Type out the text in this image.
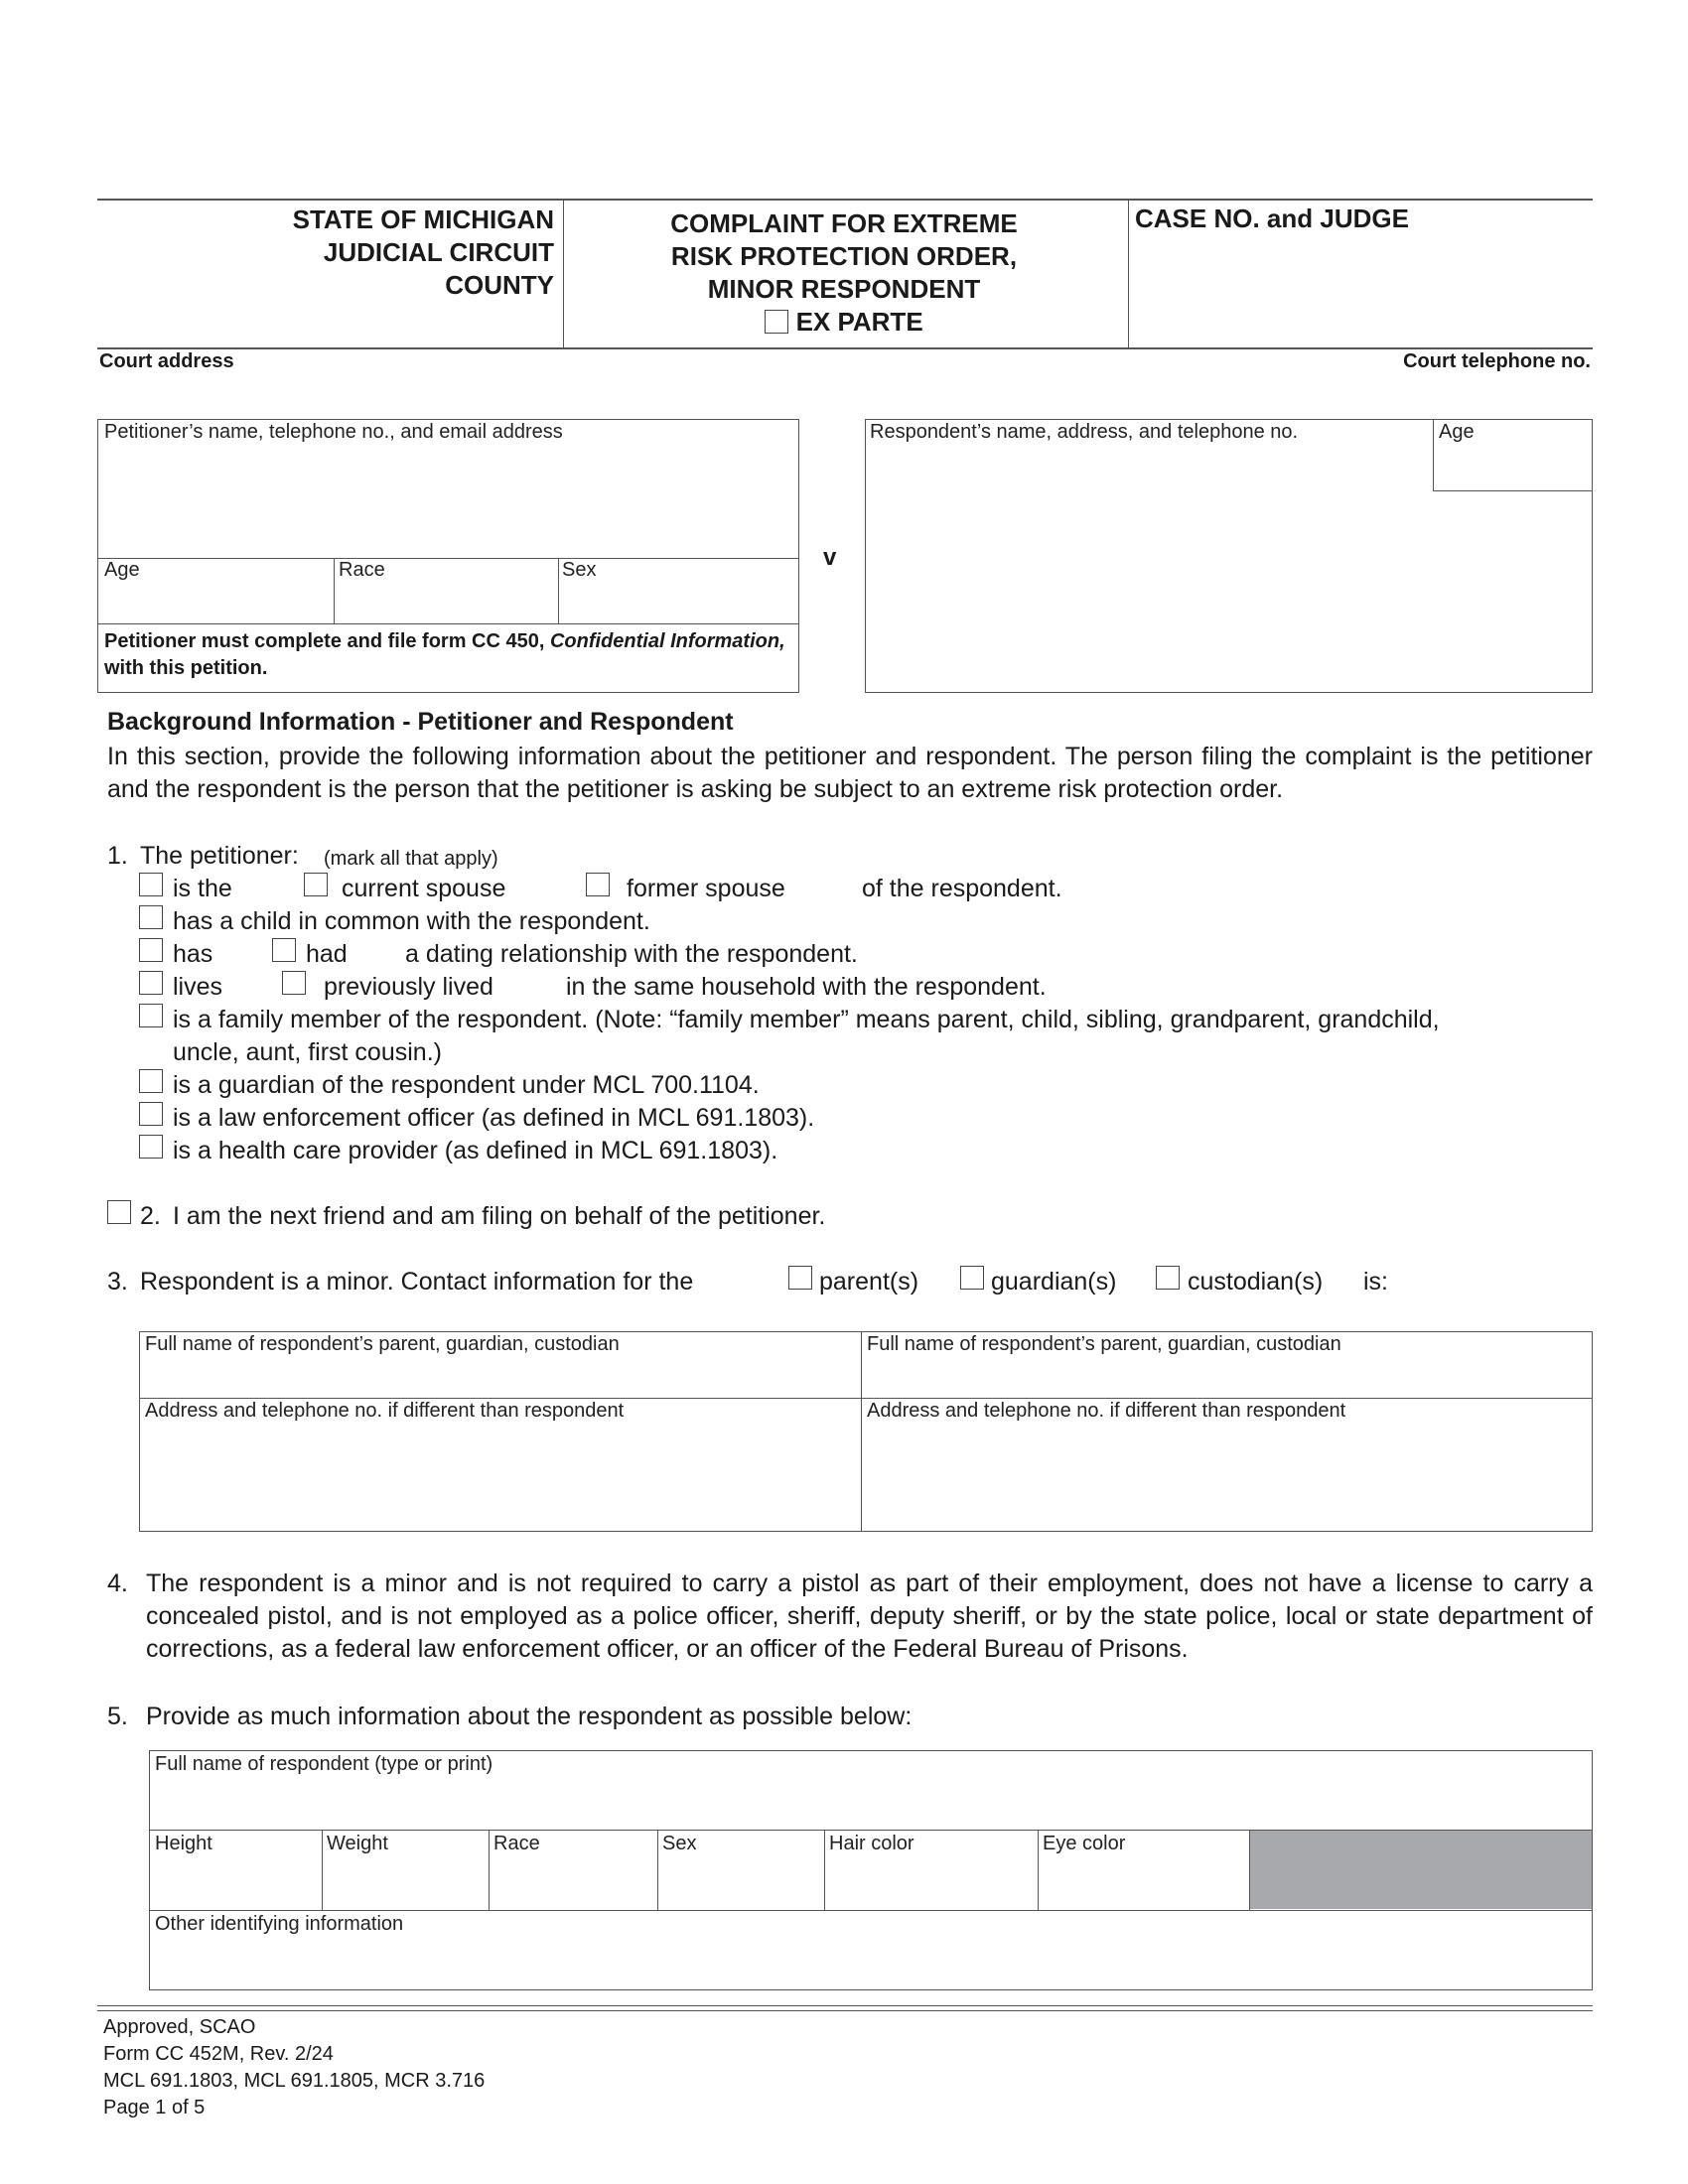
STATE OF MICHIGAN
JUDICIAL CIRCUIT
COUNTY
COMPLAINT FOR EXTREME
RISK PROTECTION ORDER,
MINOR RESPONDENT
EX PARTE
CASE NO. and JUDGE
Court address	Court telephone no.
Petitioner’s name, telephone no., and email address
Age	Race	Sex
Petitioner must complete and file form CC 450, Confidential Information, with this petition.
v
Respondent’s name, address, and telephone no.	Age
Background Information - Petitioner and Respondent
In this section, provide the following information about the petitioner and respondent. The person filing the complaint is the petitioner and the respondent is the person that the petitioner is asking be subject to an extreme risk protection order.
1. The petitioner: (mark all that apply)
is the	current spouse	former spouse	of the respondent.
has a child in common with the respondent.
has	had a dating relationship with the respondent.
lives	previously lived	in the same household with the respondent.
is a family member of the respondent. (Note: “family member” means parent, child, sibling, grandparent, grandchild,
uncle, aunt, first cousin.)
is a guardian of the respondent under MCL 700.1104.
is a law enforcement officer (as defined in MCL 691.1803).
is a health care provider (as defined in MCL 691.1803).
2. I am the next friend and am filing on behalf of the petitioner.
3. Respondent is a minor. Contact information for the	parent(s)	guardian(s)	custodian(s) is:
Full name of respondent’s parent, guardian, custodian	Full name of respondent’s parent, guardian, custodian
Address and telephone no. if different than respondent	Address and telephone no. if different than respondent
4. The respondent is a minor and is not required to carry a pistol as part of their employment, does not have a license to carry a concealed pistol, and is not employed as a police officer, sheriff, deputy sheriff, or by the state police, local or state department of corrections, as a federal law enforcement officer, or an officer of the Federal Bureau of Prisons.
5. Provide as much information about the respondent as possible below:
Full name of respondent (type or print)
Height	Weight	Race	Sex	Hair color	Eye color
Other identifying information
Approved, SCAO
Form CC 452M, Rev. 2/24
MCL 691.1803, MCL 691.1805, MCR 3.716
Page 1 of 5
